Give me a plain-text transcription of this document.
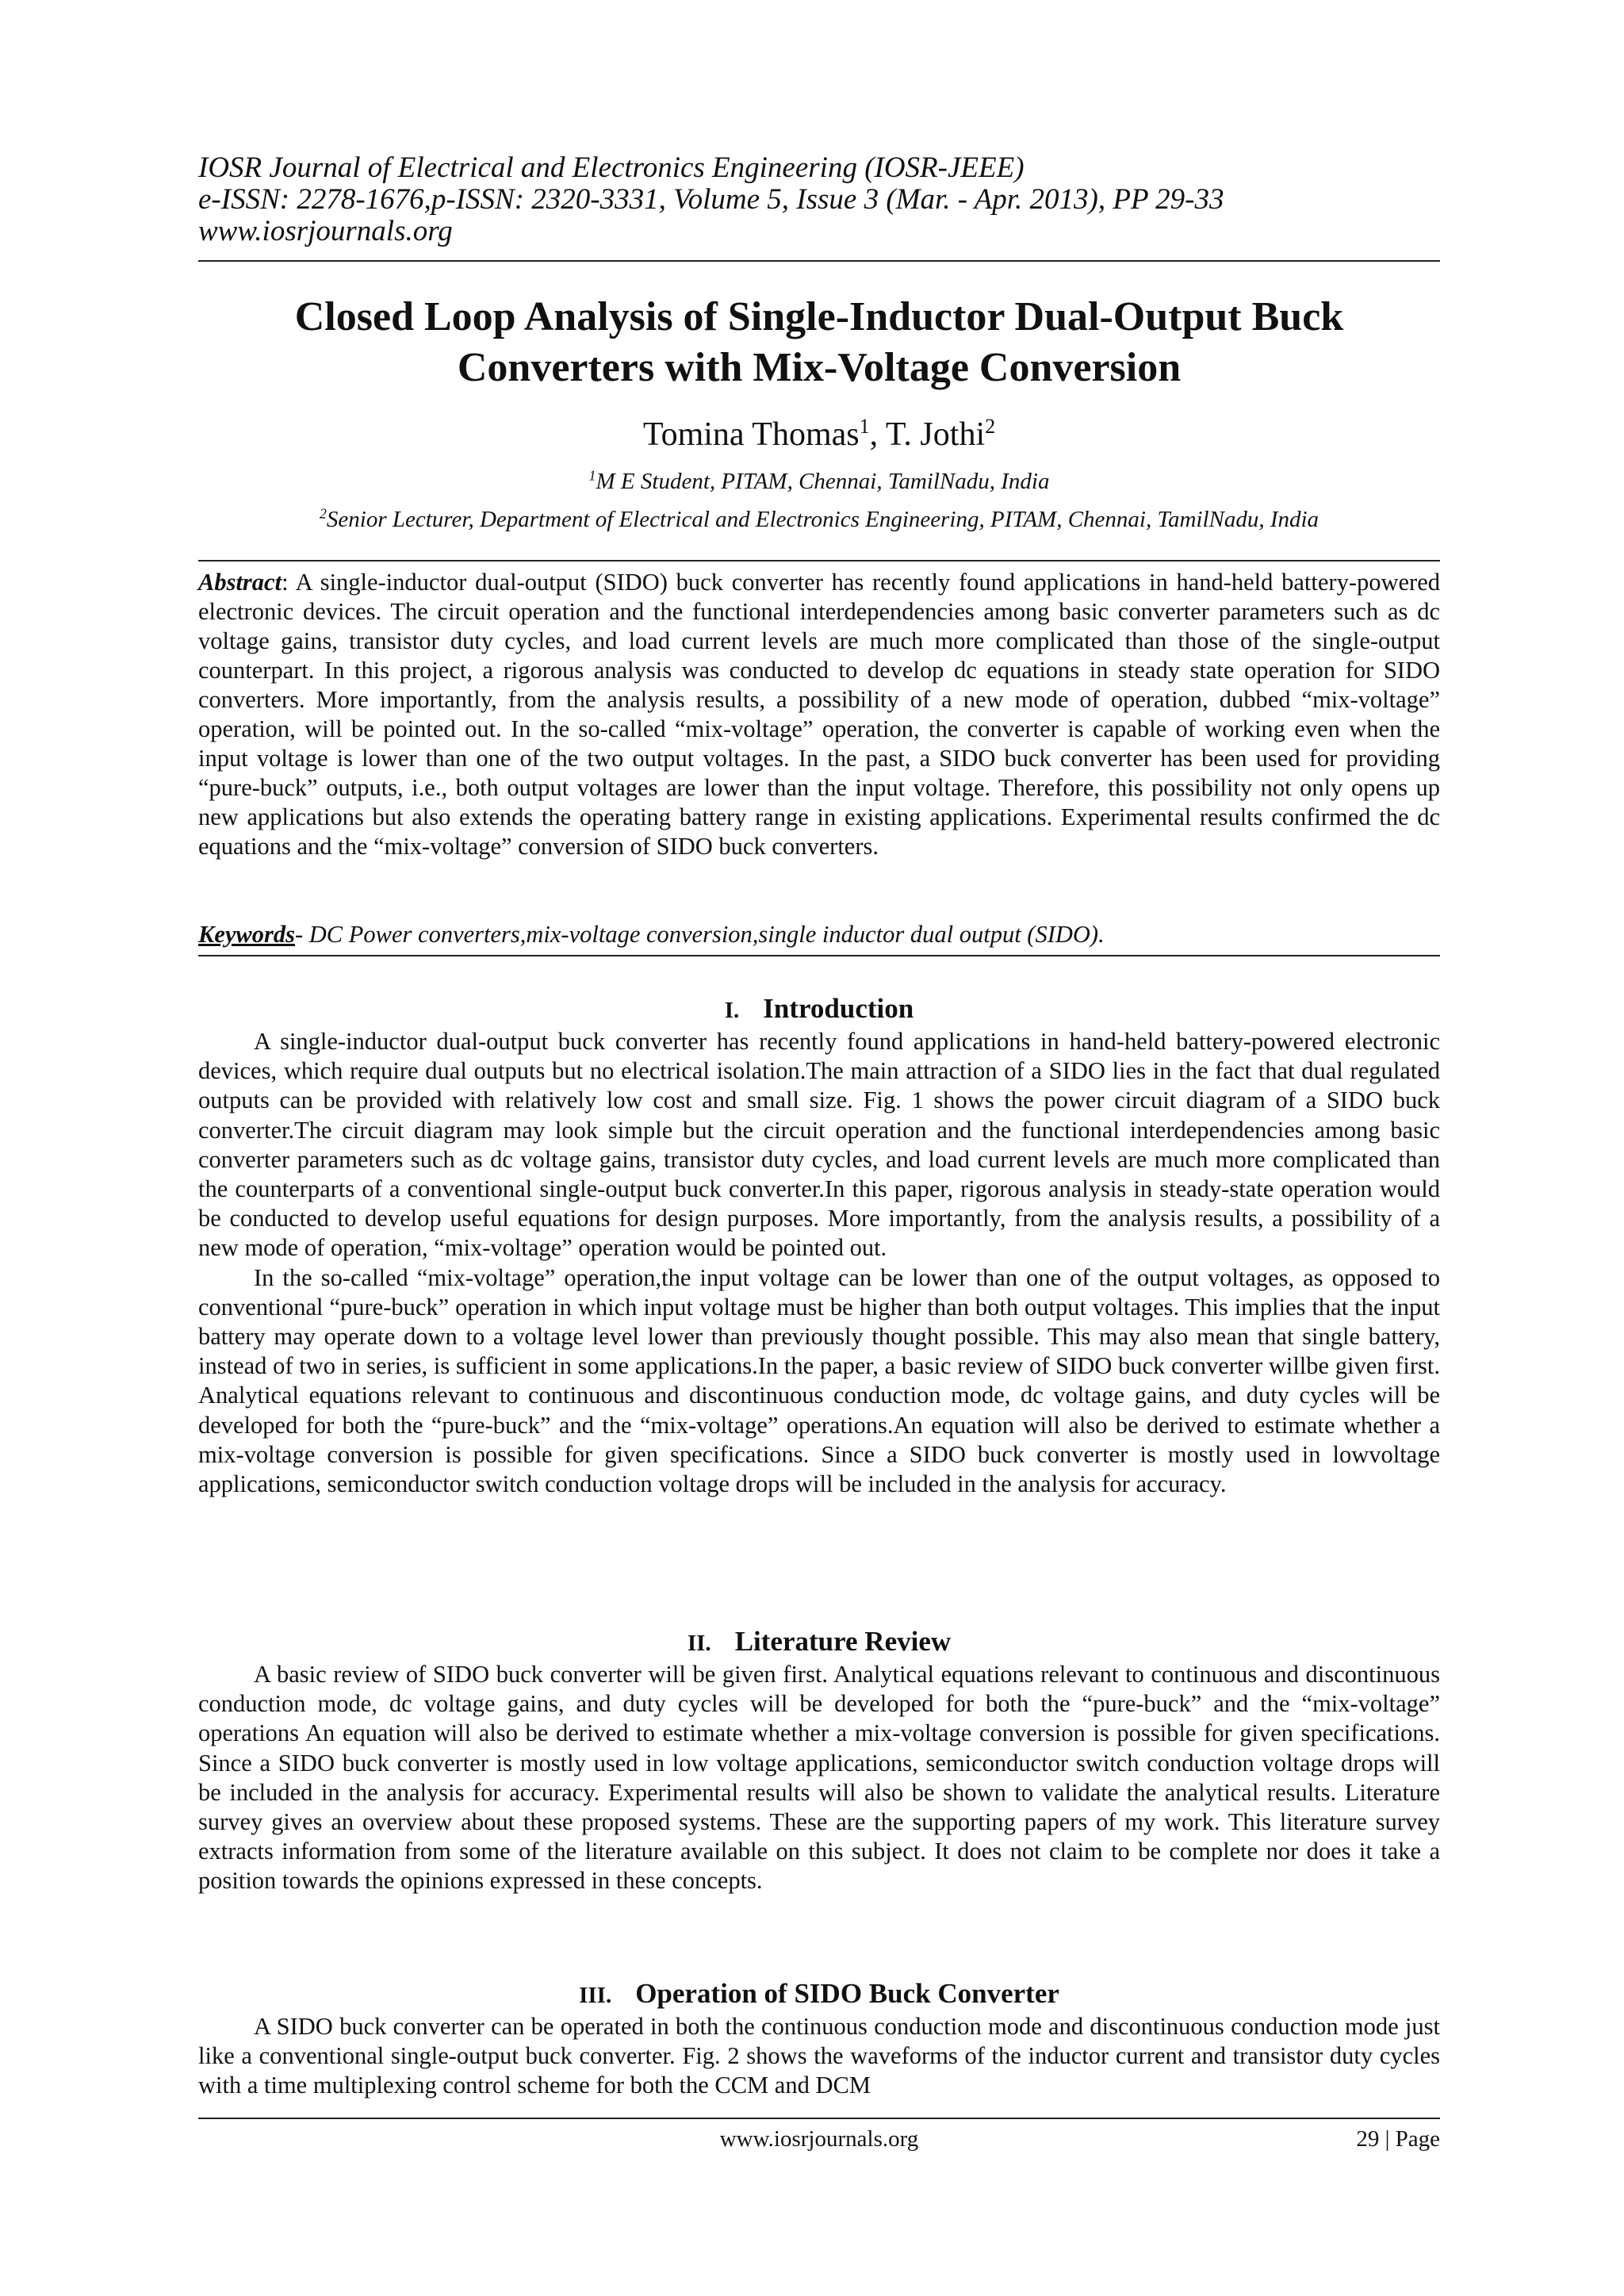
IOSR Journal of Electrical and Electronics Engineering (IOSR-JEEE)
e-ISSN: 2278-1676,p-ISSN: 2320-3331, Volume 5, Issue 3 (Mar. - Apr. 2013), PP 29-33
www.iosrjournals.org
Closed Loop Analysis of Single-Inductor Dual-Output Buck
Converters with Mix-Voltage Conversion
Tomina Thomas$^1$, T. Jothi$^2$
$^1$M E Student, PITAM, Chennai, TamilNadu, India
$^2$Senior Lecturer, Department of Electrical and Electronics Engineering, PITAM, Chennai, TamilNadu, India
Abstract: A single-inductor dual-output (SIDO) buck converter has recently found applications in hand-held battery-powered electronic devices. The circuit operation and the functional interdependencies among basic converter parameters such as dc voltage gains, transistor duty cycles, and load current levels are much more complicated than those of the single-output counterpart. In this project, a rigorous analysis was conducted to develop dc equations in steady state operation for SIDO converters. More importantly, from the analysis results, a possibility of a new mode of operation, dubbed “mix-voltage” operation, will be pointed out. In the so-called “mix-voltage” operation, the converter is capable of working even when the input voltage is lower than one of the two output voltages. In the past, a SIDO buck converter has been used for providing “pure-buck” outputs, i.e., both output voltages are lower than the input voltage. Therefore, this possibility not only opens up new applications but also extends the operating battery range in existing applications. Experimental results confirmed the dc equations and the “mix-voltage” conversion of SIDO buck converters.
Keywords- DC Power converters,mix-voltage conversion,single inductor dual output (SIDO).
I. Introduction

A single-inductor dual-output buck converter has recently found applications in hand-held battery-powered electronic devices, which require dual outputs but no electrical isolation.The main attraction of a SIDO lies in the fact that dual regulated outputs can be provided with relatively low cost and small size. Fig. 1 shows the power circuit diagram of a SIDO buck converter.The circuit diagram may look simple but the circuit operation and the functional interdependencies among basic converter parameters such as dc voltage gains, transistor duty cycles, and load current levels are much more complicated than the counterparts of a conventional single-output buck converter.In this paper, rigorous analysis in steady-state operation would be conducted to develop useful equations for design purposes. More importantly, from the analysis results, a possibility of a new mode of operation, “mix-voltage” operation would be pointed out.

In the so-called “mix-voltage” operation,the input voltage can be lower than one of the output voltages, as opposed to conventional “pure-buck” operation in which input voltage must be higher than both output voltages. This implies that the input battery may operate down to a voltage level lower than previously thought possible. This may also mean that single battery, instead of two in series, is sufficient in some applications.In the paper, a basic review of SIDO buck converter willbe given first. Analytical equations relevant to continuous and discontinuous conduction mode, dc voltage gains, and duty cycles will be developed for both the “pure-buck” and the “mix-voltage” operations.An equation will also be derived to estimate whether a mix-voltage conversion is possible for given specifications. Since a SIDO buck converter is mostly used in lowvoltage applications, semiconductor switch conduction voltage drops will be included in the analysis for accuracy.

II. Literature Review

A basic review of SIDO buck converter will be given first. Analytical equations relevant to continuous and discontinuous conduction mode, dc voltage gains, and duty cycles will be developed for both the “pure-buck” and the “mix-voltage” operations An equation will also be derived to estimate whether a mix-voltage conversion is possible for given specifications. Since a SIDO buck converter is mostly used in low voltage applications, semiconductor switch conduction voltage drops will be included in the analysis for accuracy. Experimental results will also be shown to validate the analytical results. Literature survey gives an overview about these proposed systems. These are the supporting papers of my work. This literature survey extracts information from some of the literature available on this subject. It does not claim to be complete nor does it take a position towards the opinions expressed in these concepts.

III. Operation of SIDO Buck Converter

A SIDO buck converter can be operated in both the continuous conduction mode and discontinuous conduction mode just like a conventional single-output buck converter. Fig. 2 shows the waveforms of the inductor current and transistor duty cycles with a time multiplexing control scheme for both the CCM and DCM

www.iosrjournals.org	29 | Page
